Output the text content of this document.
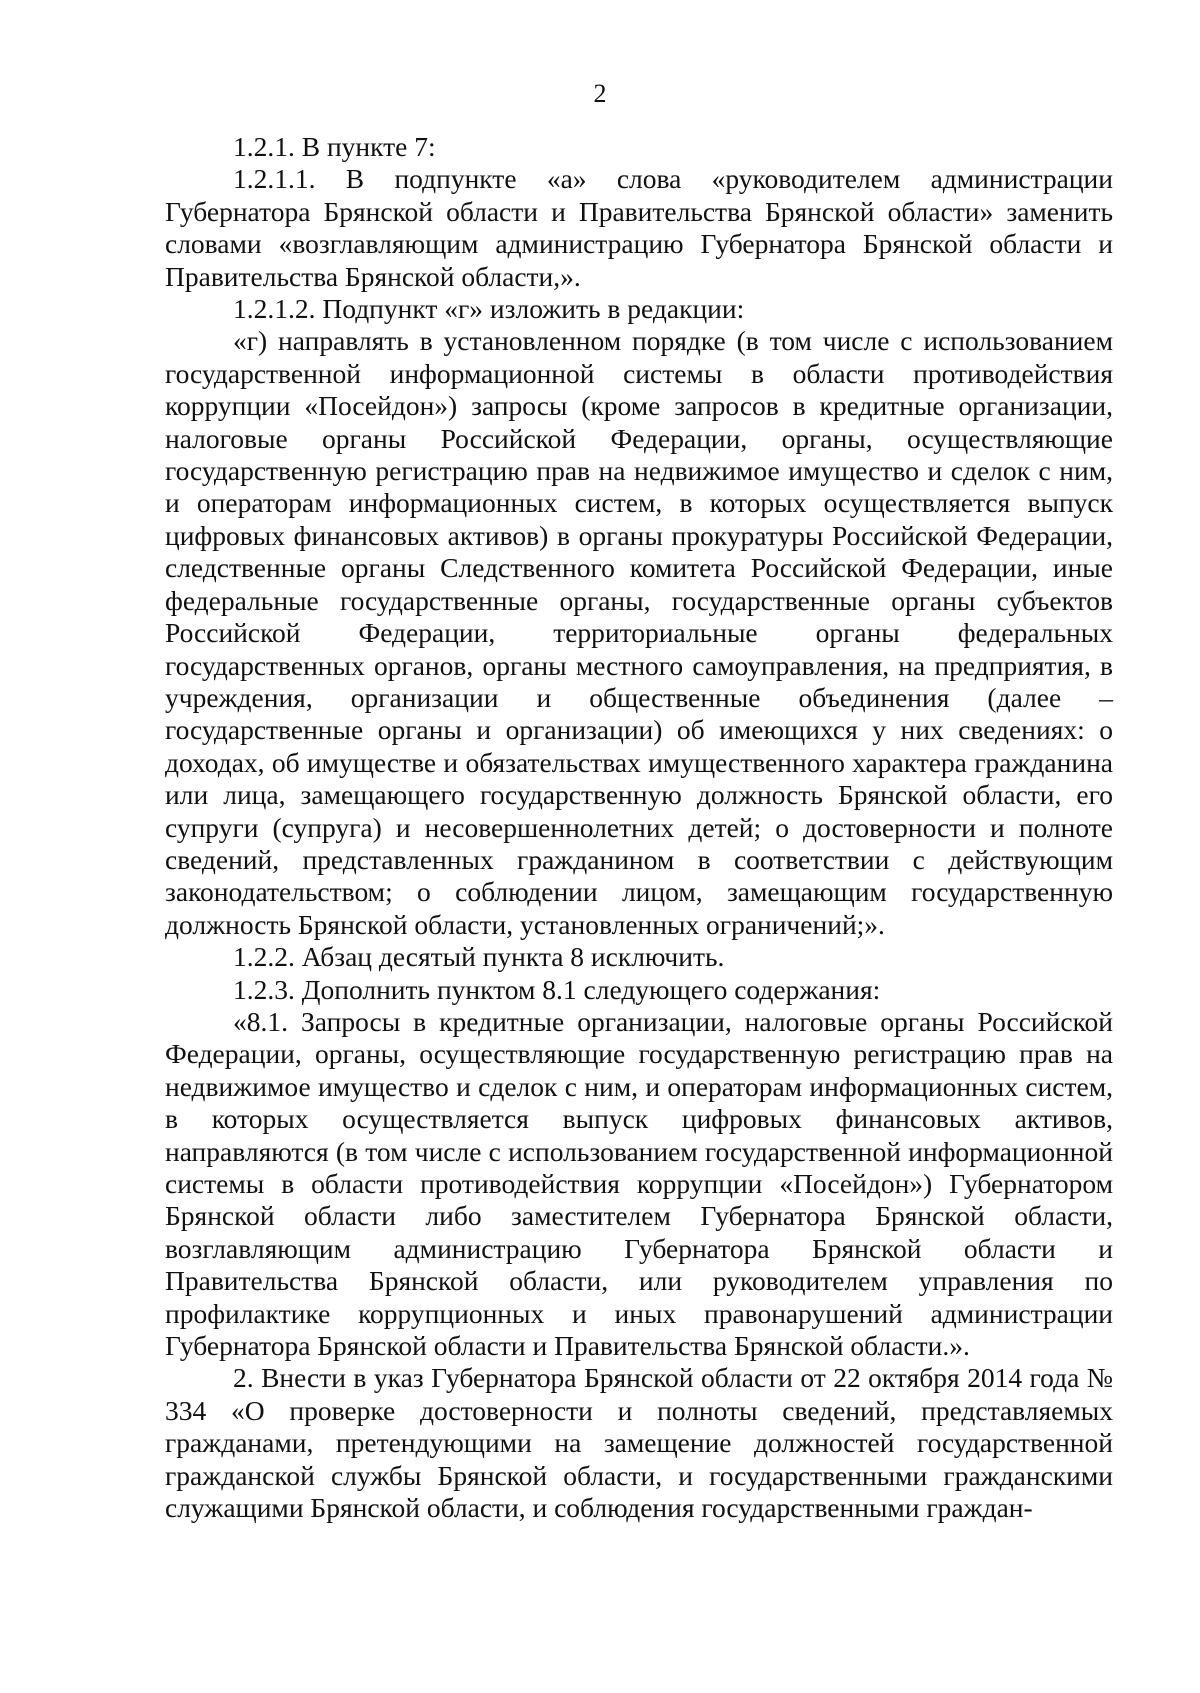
2

1.2.1. В пункте 7:

1.2.1.1. В подпункте «а» слова «руководителем администрации Губернатора Брянской области и Правительства Брянской области» заменить словами «возглавляющим администрацию Губернатора Брянской области и Правительства Брянской области,».

1.2.1.2. Подпункт «г» изложить в редакции:

«г) направлять в установленном порядке (в том числе с использованием государственной информационной системы в области противодействия коррупции «Посейдон») запросы (кроме запросов в кредитные организации, налоговые органы Российской Федерации, органы, осуществляющие государственную регистрацию прав на недвижимое имущество и сделок с ним, и операторам информационных систем, в которых осуществляется выпуск цифровых финансовых активов) в органы прокуратуры Российской Федерации, следственные органы Следственного комитета Российской Федерации, иные федеральные государственные органы, государственные органы субъектов Российской Федерации, территориальные органы федеральных государственных органов, органы местного самоуправления, на предприятия, в учреждения, организации и общественные объединения (далее – государственные органы и организации) об имеющихся у них сведениях: о доходах, об имуществе и обязательствах имущественного характера гражданина или лица, замещающего государственную должность Брянской области, его супруги (супруга) и несовершеннолетних детей; о достоверности и полноте сведений, представленных гражданином в соответствии с действующим законодательством; о соблюдении лицом, замещающим государственную должность Брянской области, установленных ограничений;».

1.2.2. Абзац десятый пункта 8 исключить.

1.2.3. Дополнить пунктом 8.1 следующего содержания:

«8.1. Запросы в кредитные организации, налоговые органы Российской Федерации, органы, осуществляющие государственную регистрацию прав на недвижимое имущество и сделок с ним, и операторам информационных систем, в которых осуществляется выпуск цифровых финансовых активов, направляются (в том числе с использованием государственной информационной системы в области противодействия коррупции «Посейдон») Губернатором Брянской области либо заместителем Губернатора Брянской области, возглавляющим администрацию Губернатора Брянской области и Правительства Брянской области, или руководителем управления по профилактике коррупционных и иных правонарушений администрации Губернатора Брянской области и Правительства Брянской области.».

2. Внести в указ Губернатора Брянской области от 22 октября 2014 года № 334 «О проверке достоверности и полноты сведений, представляемых гражданами, претендующими на замещение должностей государственной гражданской службы Брянской области, и государственными гражданскими служащими Брянской области, и соблюдения государственными граждан-
